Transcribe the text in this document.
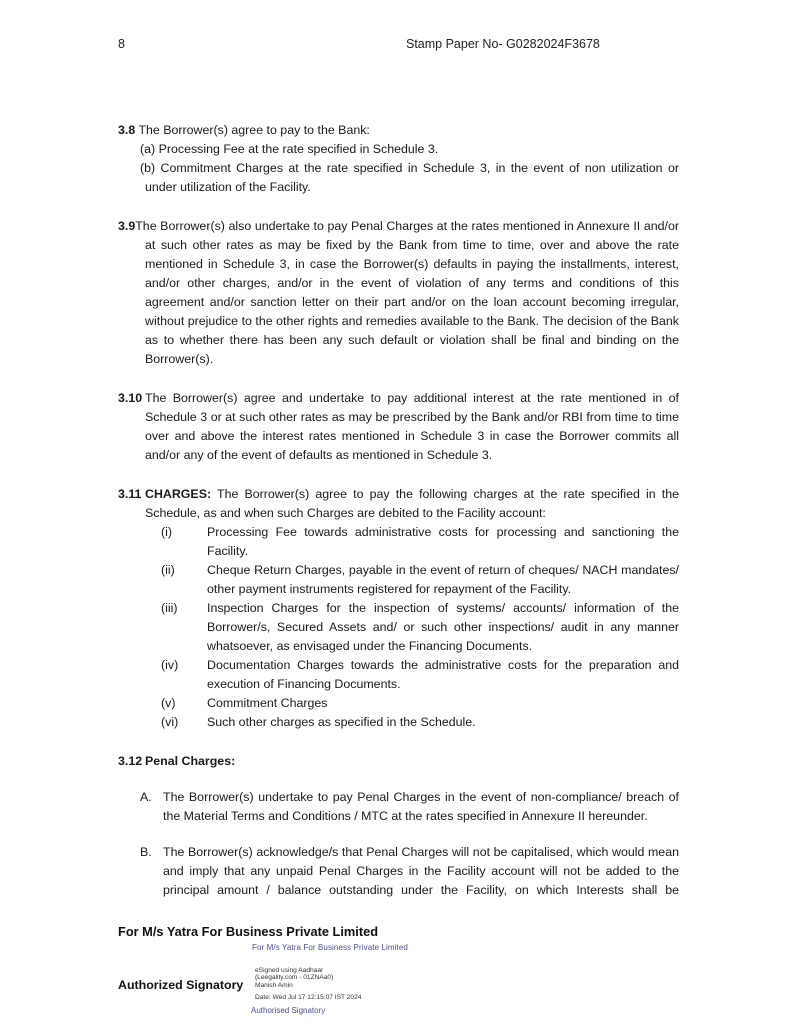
8	Stamp Paper No- G0282024F3678
3.8 The Borrower(s) agree to pay to the Bank:
(a) Processing Fee at the rate specified in Schedule 3.
(b) Commitment Charges at the rate specified in Schedule 3, in the event of non utilization or
under utilization of the Facility.
3.9The Borrower(s) also undertake to pay Penal Charges at the rates mentioned in Annexure II and/or
at such other rates as may be fixed by the Bank from time to time, over and above the rate
mentioned in Schedule 3, in case the Borrower(s) defaults in paying the installments, interest,
and/or other charges, and/or in the event of violation of any terms and conditions of this
agreement and/or sanction letter on their part and/or on the loan account becoming irregular,
without prejudice to the other rights and remedies available to the Bank. The decision of the Bank
as to whether there has been any such default or violation shall be final and binding on the
Borrower(s).
3.10 The Borrower(s) agree and undertake to pay additional interest at the rate mentioned in of
Schedule 3 or at such other rates as may be prescribed by the Bank and/or RBI from time to time
over and above the interest rates mentioned in Schedule 3 in case the Borrower commits all
and/or any of the event of defaults as mentioned in Schedule 3.
3.11 CHARGES: The Borrower(s) agree to pay the following charges at the rate specified in the
Schedule, as and when such Charges are debited to the Facility account:
(i)	Processing Fee towards administrative costs for processing and sanctioning the
Facility.
(ii)	Cheque Return Charges, payable in the event of return of cheques/ NACH mandates/
other payment instruments registered for repayment of the Facility.
(iii) Inspection Charges for the inspection of systems/ accounts/ information of the
Borrower/s, Secured Assets and/ or such other inspections/ audit in any manner
whatsoever, as envisaged under the Financing Documents.
(iv) Documentation Charges towards the administrative costs for the preparation and
execution of Financing Documents.
(v)	Commitment Charges
(vi) Such other charges as specified in the Schedule.
3.12 Penal Charges:
A. The Borrower(s) undertake to pay Penal Charges in the event of non-compliance/ breach of
the Material Terms and Conditions / MTC at the rates specified in Annexure II hereunder.
B. The Borrower(s) acknowledge/s that Penal Charges will not be capitalised, which would mean
and imply that any unpaid Penal Charges in the Facility account will not be added to the
principal amount / balance outstanding under the Facility, on which Interests shall be
For M/s Yatra For Business Private Limited
For M/s Yatra For Business Private Limited
Authorized Signatory
eSigned using Aadhaar
(Leegality.com - 01ZNAa0)
Manish Amin
Date: Wed Jul 17 12:15:07 IST 2024
Authorised Signatory
